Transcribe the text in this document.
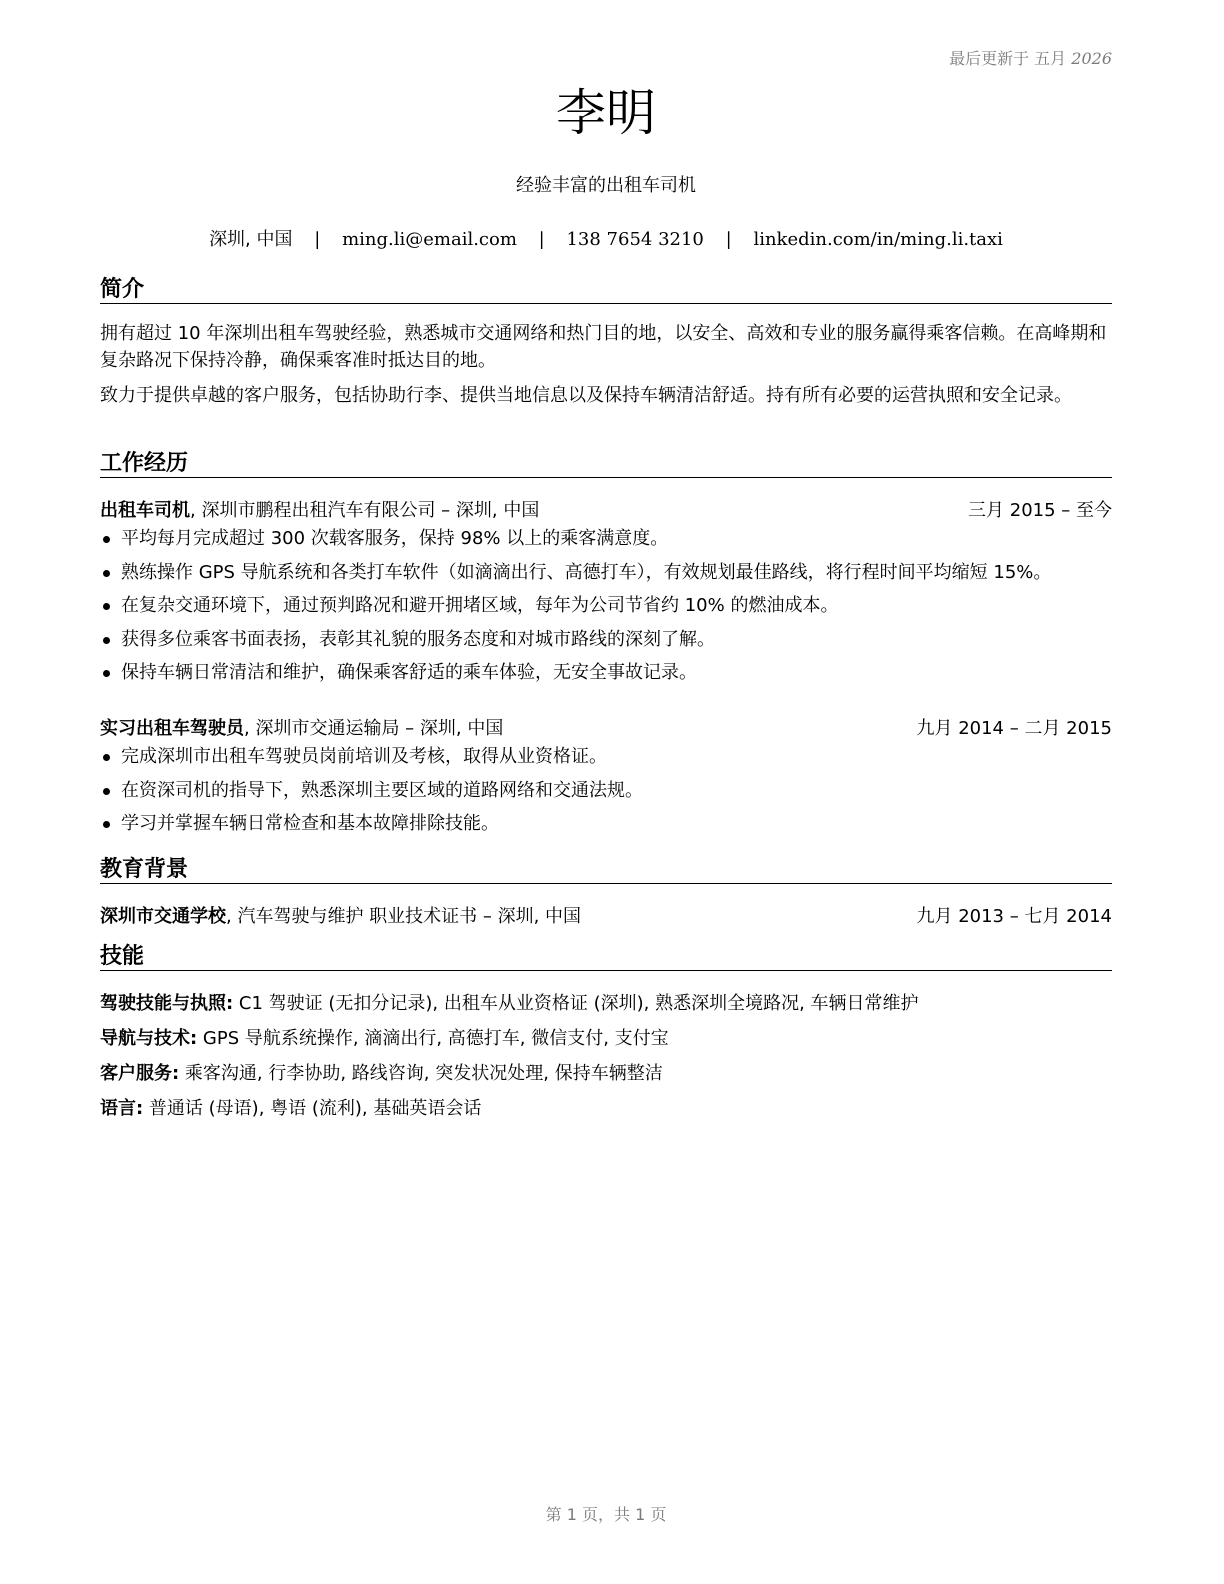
最后更新于 五月 2026
李明
经验丰富的出租车司机
深圳, 中国 | ming.li@email.com | 138 7654 3210 | linkedin.com/in/ming.li.taxi
简介
拥有超过 10 年深圳出租车驾驶经验，熟悉城市交通网络和热门目的地，以安全、高效和专业的服务赢得乘客信赖。在高峰期和复杂路况下保持冷静，确保乘客准时抵达目的地。
致力于提供卓越的客户服务，包括协助行李、提供当地信息以及保持车辆清洁舒适。持有所有必要的运营执照和安全记录。
工作经历
出租车司机, 深圳市鹏程出租汽车有限公司 – 深圳, 中国	三月 2015 – 至今
平均每月完成超过 300 次载客服务，保持 98% 以上的乘客满意度。
熟练操作 GPS 导航系统和各类打车软件（如滴滴出行、高德打车），有效规划最佳路线，将行程时间平均缩短 15%。
在复杂交通环境下，通过预判路况和避开拥堵区域，每年为公司节省约 10% 的燃油成本。
获得多位乘客书面表扬，表彰其礼貌的服务态度和对城市路线的深刻了解。
保持车辆日常清洁和维护，确保乘客舒适的乘车体验，无安全事故记录。
实习出租车驾驶员, 深圳市交通运输局 – 深圳, 中国	九月 2014 – 二月 2015
完成深圳市出租车驾驶员岗前培训及考核，取得从业资格证。
在资深司机的指导下，熟悉深圳主要区域的道路网络和交通法规。
学习并掌握车辆日常检查和基本故障排除技能。
教育背景
深圳市交通学校, 汽车驾驶与维护 职业技术证书 – 深圳, 中国	九月 2013 – 七月 2014
技能
驾驶技能与执照: C1 驾驶证 (无扣分记录), 出租车从业资格证 (深圳), 熟悉深圳全境路况, 车辆日常维护
导航与技术: GPS 导航系统操作, 滴滴出行, 高德打车, 微信支付, 支付宝
客户服务: 乘客沟通, 行李协助, 路线咨询, 突发状况处理, 保持车辆整洁
语言: 普通话 (母语), 粤语 (流利), 基础英语会话
第 1 页，共 1 页
